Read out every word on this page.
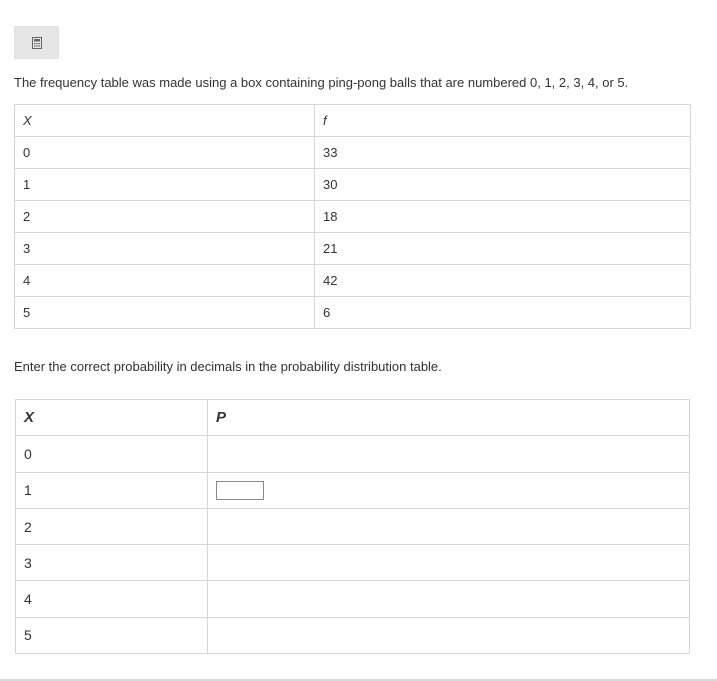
The frequency table was made using a box containing ping-pong balls that are numbered 0, 1, 2, 3, 4, or 5.
X	f
0	33
1	30
2	18
3	21
4	42
5	6
Enter the correct probability in decimals in the probability distribution table.
X	P
0	
1	

2	
3	
4	
5	
